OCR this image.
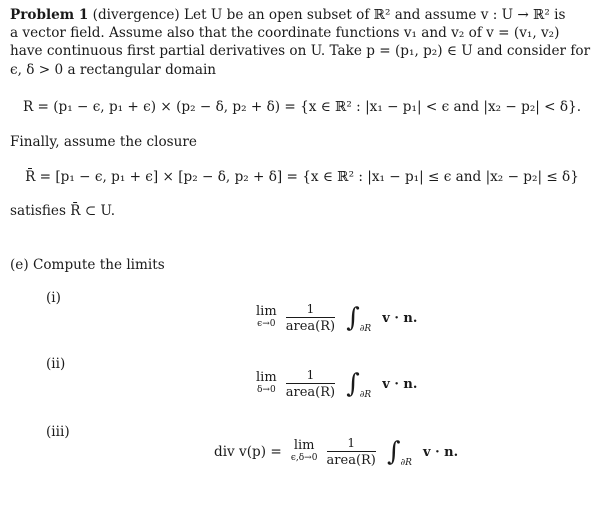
Problem 1 (divergence) Let U be an open subset of ℝ² and assume v : U → ℝ² is
a vector field. Assume also that the coordinate functions v₁ and v₂ of v = (v₁, v₂)
have continuous first partial derivatives on U. Take p = (p₁, p₂) ∈ U and consider for
ϵ, δ > 0 a rectangular domain
R = (p₁ − ϵ, p₁ + ϵ) × (p₂ − δ, p₂ + δ) = {x ∈ ℝ² : |x₁ − p₁| < ϵ and |x₂ − p₂| < δ}.
Finally, assume the closure
R̄ = [p₁ − ϵ, p₁ + ϵ] × [p₂ − δ, p₂ + δ] = {x ∈ ℝ² : |x₁ − p₁| ≤ ϵ and |x₂ − p₂| ≤ δ}
satisfies R̄ ⊂ U.
(e) Compute the limits
(i)
lim
ϵ→0
$\frac{1}{\text{area(R)}} \int_{\partial R}$ v · n.
(ii)
lim
δ→0
$\frac{1}{\text{area(R)}} \int_{\partial R}$ v · n.
(iii)
div v(p) = lim
ϵ,δ→0
$\frac{1}{\text{area(R)}} \int_{\partial R}$ v · n.
